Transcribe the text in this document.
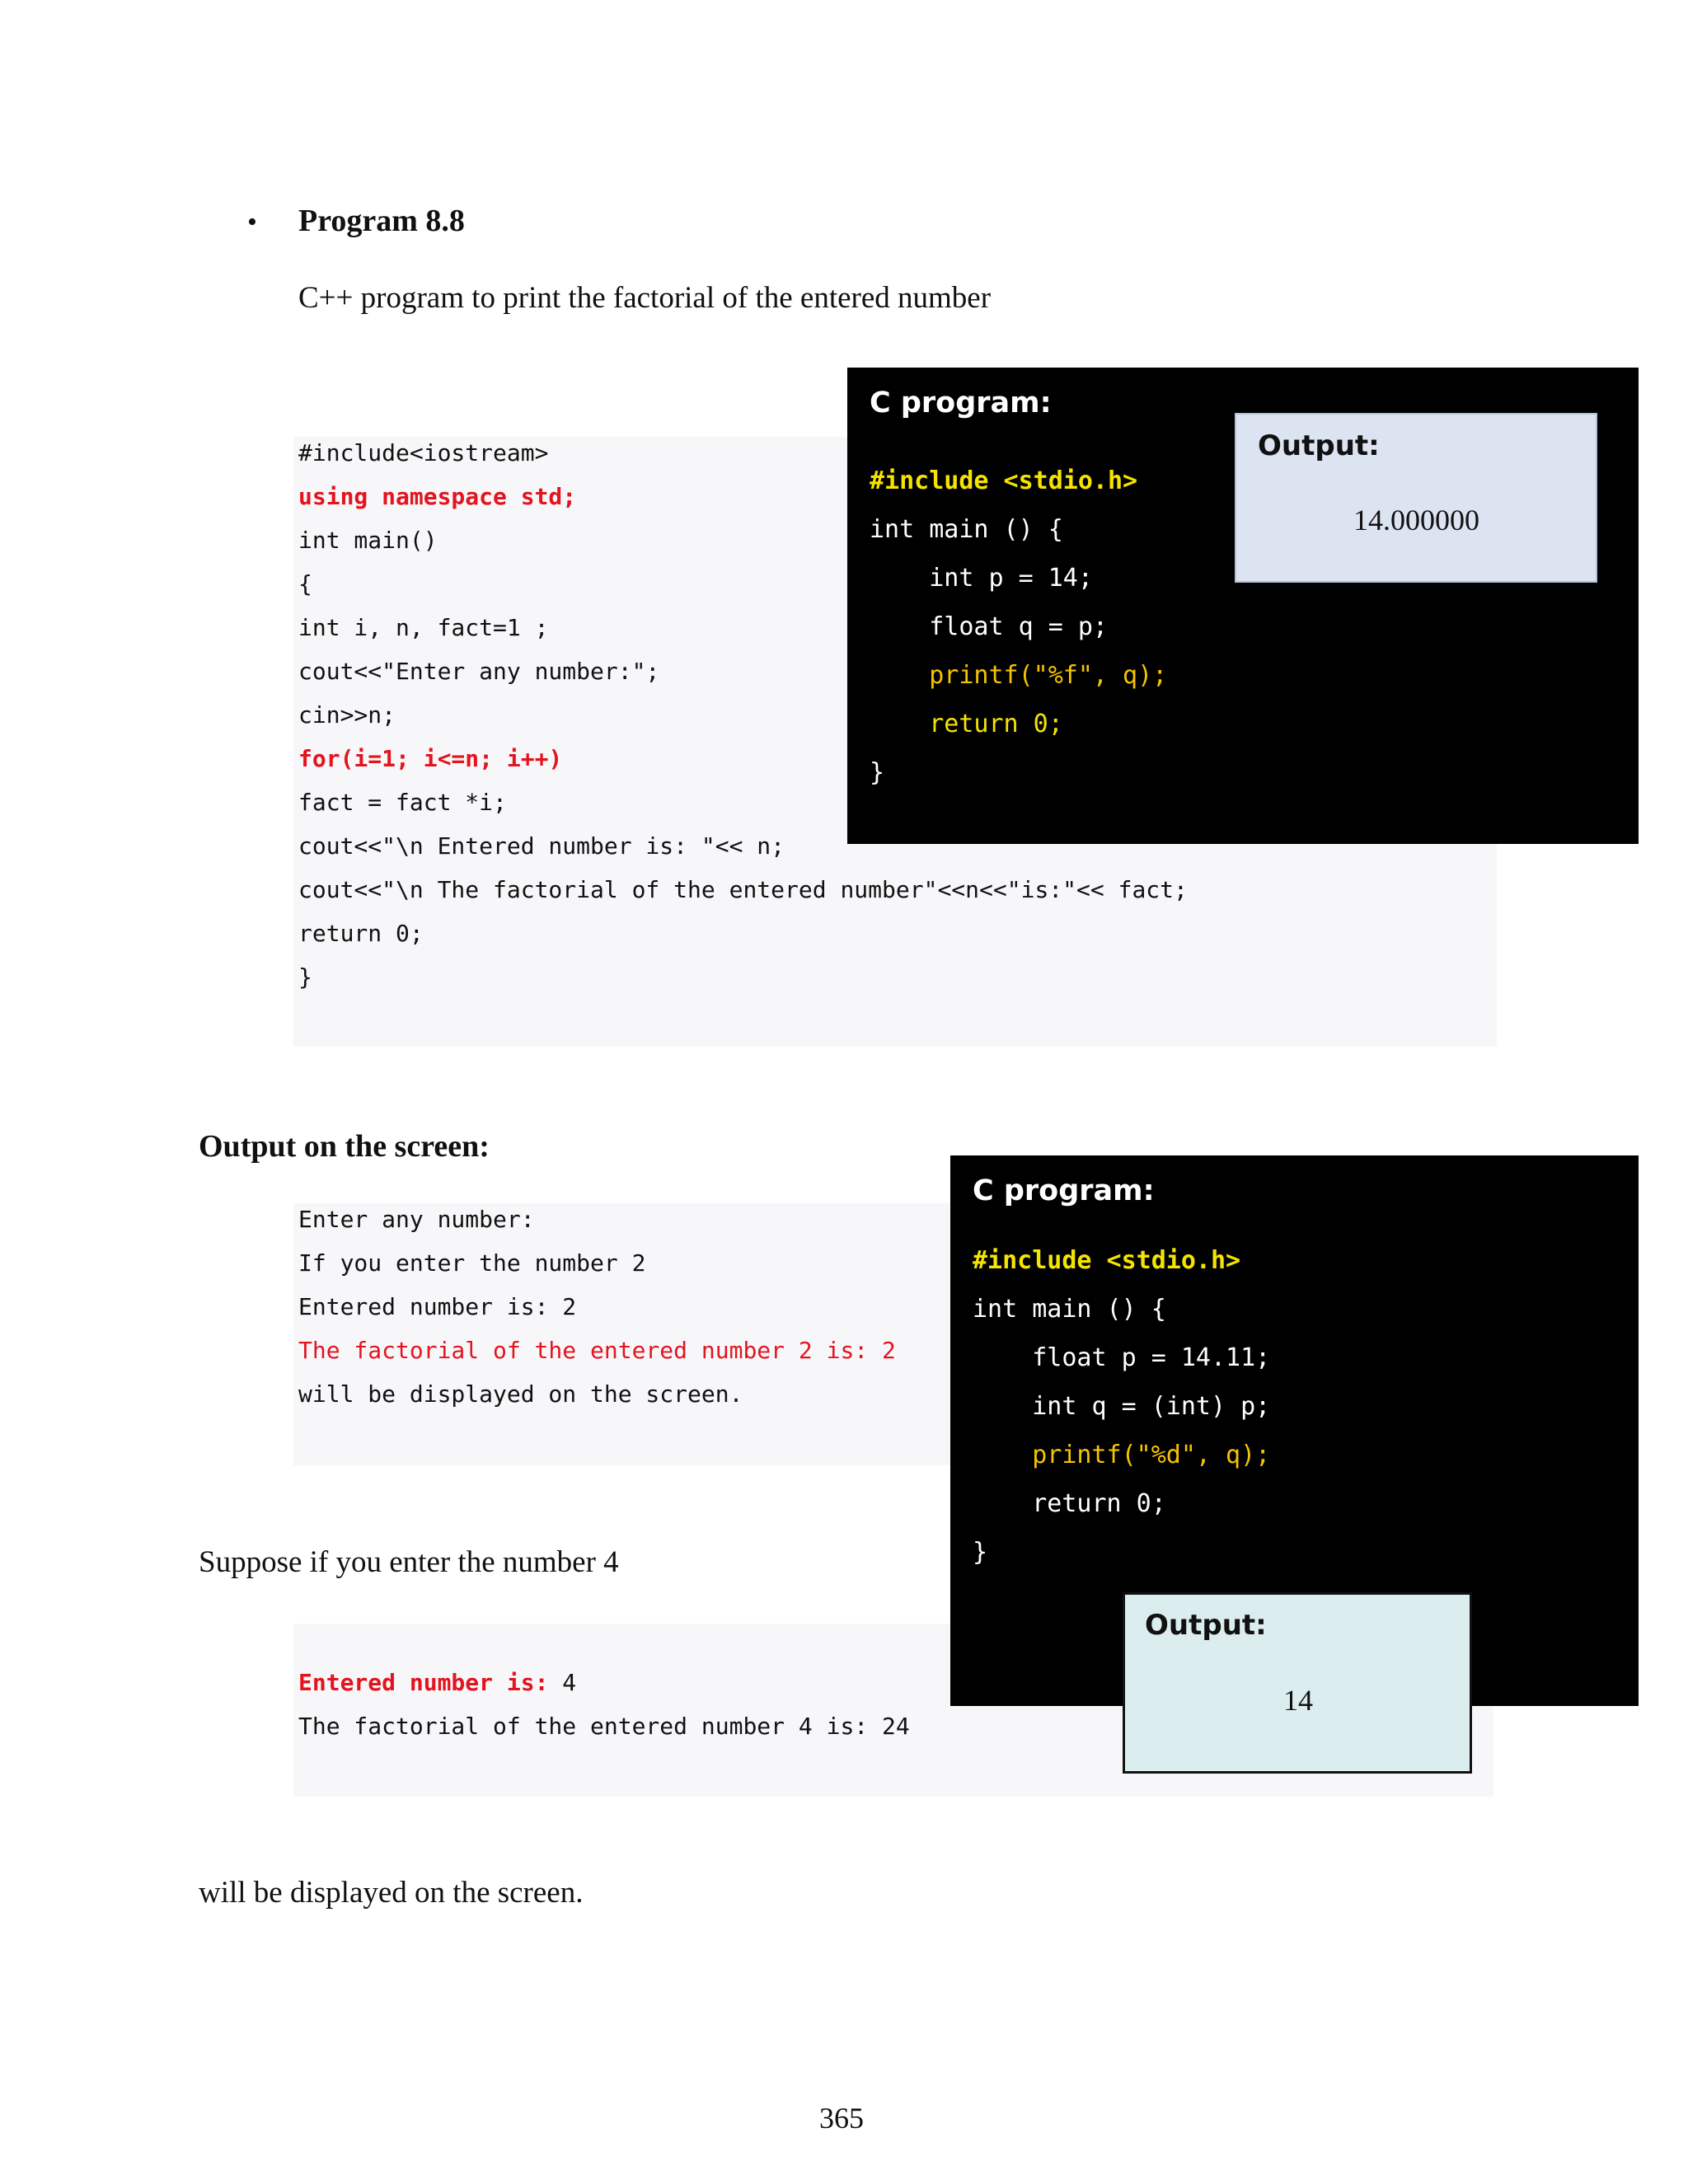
• Program 8.8
C++ program to print the factorial of the entered number
#include<iostream>
using namespace std;
int main()
{
int i, n, fact=1 ;
cout<<"Enter any number:";
cin>>n;
for(i=1; i<=n; i++)
fact = fact *i;
cout<<"\n Entered number is: "<< n;
cout<<"\n The factorial of the entered number"<<n<<"is:"<< fact;
return 0;
}
C program:
#include <stdio.h>
int main () {
int p = 14;
float q = p;
printf("%f", q);
return 0;
}
Output:
14.000000
Output on the screen:
Enter any number:
If you enter the number 2
Entered number is: 2
The factorial of the entered number 2 is: 2
will be displayed on the screen.
Suppose if you enter the number 4
Entered number is: 4
The factorial of the entered number 4 is: 24
C program:
#include <stdio.h>
int main () {
float p = 14.11;
int q = (int) p;
printf("%d", q);
return 0;
}
Output:
14
will be displayed on the screen.
365
